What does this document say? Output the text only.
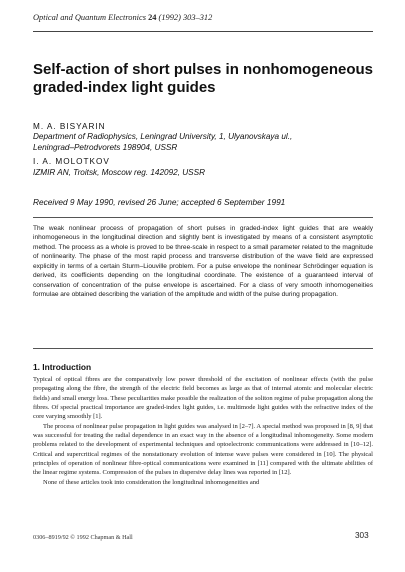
Optical and Quantum Electronics 24 (1992) 303–312
Self-action of short pulses in nonhomogeneous graded-index light guides
M. A. BISYARIN
Department of Radiophysics, Leningrad University, 1, Ulyanovskaya ul.,
Leningrad–Petrodvorets 198904, USSR
I. A. MOLOTKOV
IZMIR AN, Troitsk, Moscow reg. 142092, USSR
Received 9 May 1990, revised 26 June; accepted 6 September 1991

The weak nonlinear process of propagation of short pulses in graded-index light guides that are weakly inhomogeneous in the longitudinal direction and slightly bent is investigated by means of a consistent asymptotic method. The process as a whole is proved to be three-scale in respect to a small parameter related to the magnitude of nonlinearity. The phase of the most rapid process and transverse distribution of the wave field are expressed explicitly in terms of a certain Sturm–Liouville problem. For a pulse envelope the nonlinear Schrödinger equation is derived, its coefficients depending on the longitudinal coordinate. The existence of a guaranteed interval of conservation of concentration of the pulse envelope is ascertained. For a class of very smooth inhomogeneities formulae are obtained describing the variation of the amplitude and width of the pulse during propagation.

1. Introduction

Typical of optical fibres are the comparatively low power threshold of the excitation of nonlinear effects (with the pulse propagating along the fibre, the strength of the electric field becomes as large as that of internal atomic and molecular electric fields) and small energy loss. These peculiarities make possible the realization of the soliton regime of pulse propagation along the fibres. Of special practical importance are graded-index light guides, i.e. multimode light guides with the refractive index of the core varying smoothly [1].

The process of nonlinear pulse propagation in light guides was analysed in [2–7]. A special method was proposed in [8, 9] that was successful for treating the radial dependence in an exact way in the absence of a longitudinal inhomogeneity. Some modern problems related to the development of experimental techniques and optoelectronic communications were addressed in [10–12]. Critical and supercritical regimes of the nonstationary evolution of intense wave pulses were considered in [10]. The physical principles of operation of nonlinear fibre-optical communications were examined in [11] compared with the ultimate abilities of the linear regime systems. Compression of the pulses in dispersive delay lines was reported in [12].

None of these articles took into consideration the longitudinal inhomogeneities and

0306–8919/92 © 1992 Chapman & Hall	303
